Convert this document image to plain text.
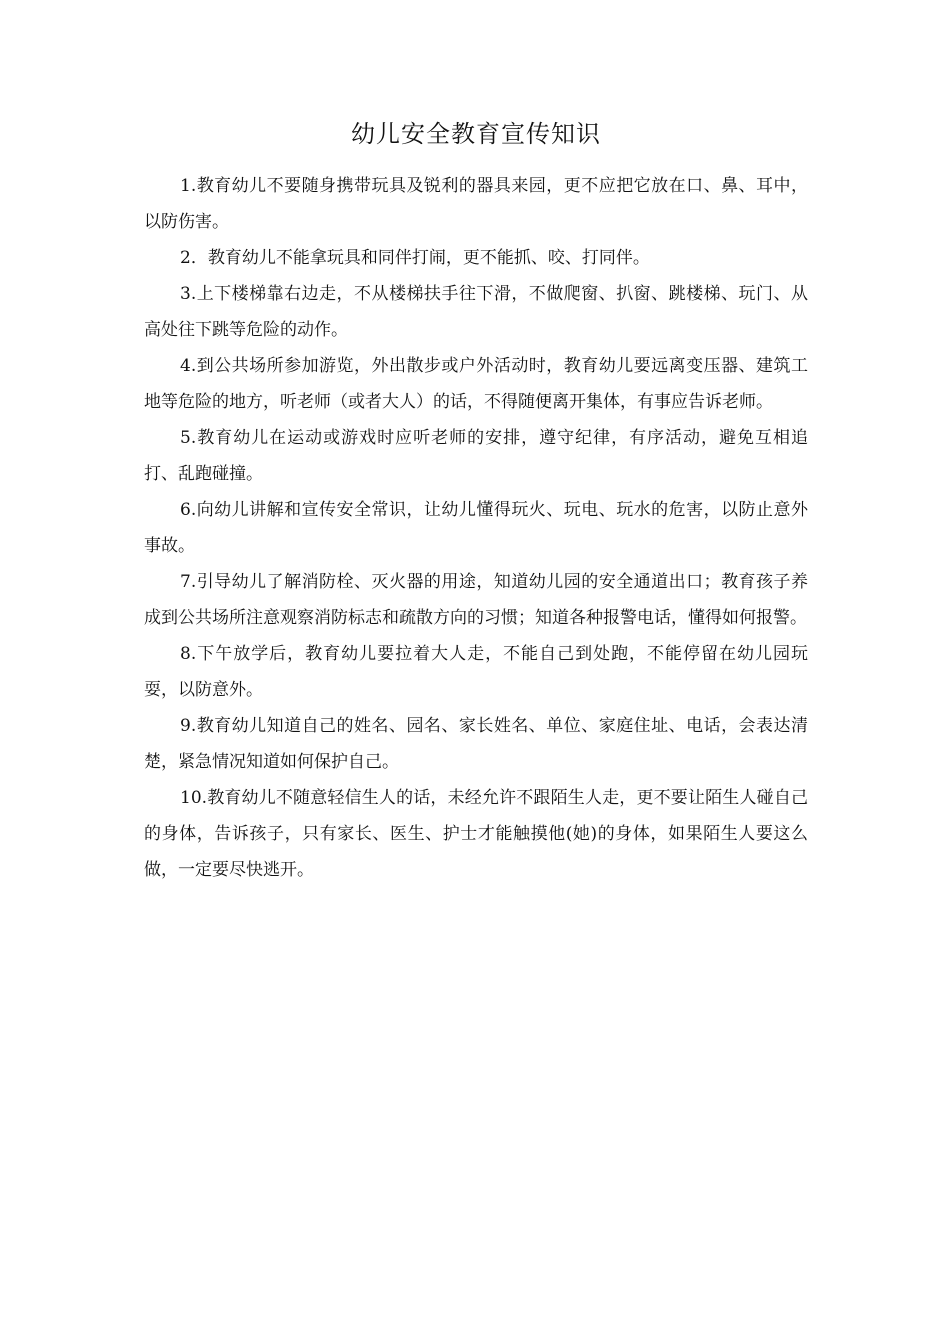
幼儿安全教育宣传知识

1.教育幼儿不要随身携带玩具及锐利的器具来园，更不应把它放在口、鼻、耳中，以防伤害。

2．教育幼儿不能拿玩具和同伴打闹，更不能抓、咬、打同伴。

3.上下楼梯靠右边走，不从楼梯扶手往下滑，不做爬窗、扒窗、跳楼梯、玩门、从高处往下跳等危险的动作。

4.到公共场所参加游览，外出散步或户外活动时，教育幼儿要远离变压器、建筑工地等危险的地方，听老师（或者大人）的话，不得随便离开集体，有事应告诉老师。

5.教育幼儿在运动或游戏时应听老师的安排，遵守纪律，有序活动，避免互相追打、乱跑碰撞。

6.向幼儿讲解和宣传安全常识，让幼儿懂得玩火、玩电、玩水的危害，以防止意外事故。

7.引导幼儿了解消防栓、灭火器的用途，知道幼儿园的安全通道出口；教育孩子养成到公共场所注意观察消防标志和疏散方向的习惯；知道各种报警电话，懂得如何报警。

8.下午放学后，教育幼儿要拉着大人走，不能自己到处跑，不能停留在幼儿园玩耍，以防意外。

9.教育幼儿知道自己的姓名、园名、家长姓名、单位、家庭住址、电话，会表达清楚，紧急情况知道如何保护自己。

10.教育幼儿不随意轻信生人的话，未经允许不跟陌生人走，更不要让陌生人碰自己的身体，告诉孩子，只有家长、医生、护士才能触摸他(她)的身体，如果陌生人要这么做，一定要尽快逃开。
